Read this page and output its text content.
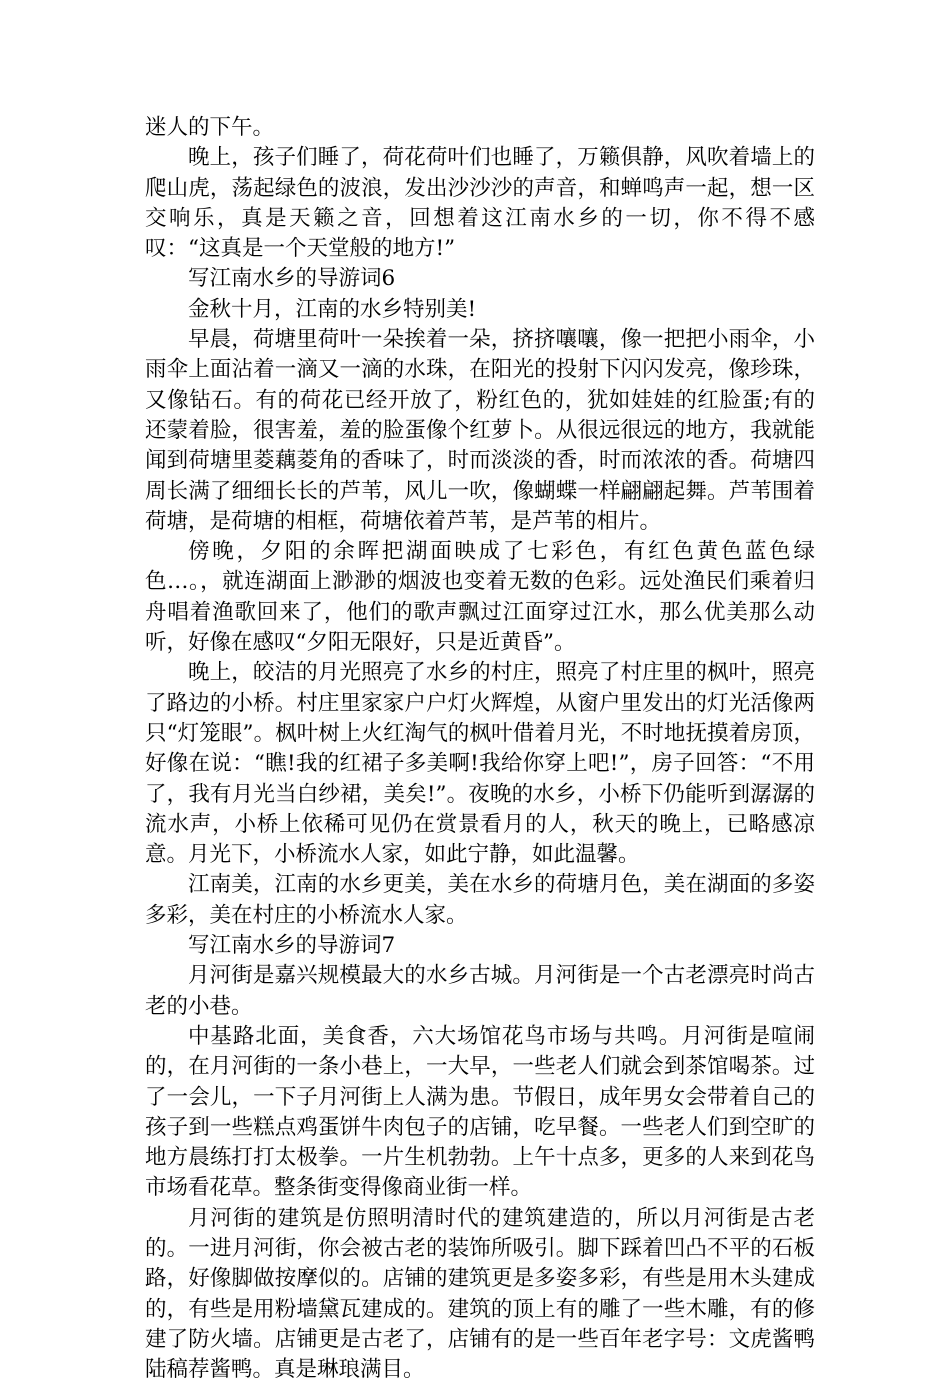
迷人的下午。

晚上，孩子们睡了，荷花荷叶们也睡了，万籁俱静，风吹着墙上的爬山虎，荡起绿色的波浪，发出沙沙沙的声音，和蝉鸣声一起，想一区交响乐，真是天籁之音，回想着这江南水乡的一切，你不得不感叹：“这真是一个天堂般的地方!”

写江南水乡的导游词6

金秋十月，江南的水乡特别美!

早晨，荷塘里荷叶一朵挨着一朵，挤挤嚷嚷，像一把把小雨伞，小雨伞上面沾着一滴又一滴的水珠，在阳光的投射下闪闪发亮，像珍珠，又像钻石。有的荷花已经开放了，粉红色的，犹如娃娃的红脸蛋;有的还蒙着脸，很害羞，羞的脸蛋像个红萝卜。从很远很远的地方，我就能闻到荷塘里菱藕菱角的香味了，时而淡淡的香，时而浓浓的香。荷塘四周长满了细细长长的芦苇，风儿一吹，像蝴蝶一样翩翩起舞。芦苇围着荷塘，是荷塘的相框，荷塘依着芦苇，是芦苇的相片。

傍晚，夕阳的余晖把湖面映成了七彩色，有红色黄色蓝色绿色…。，就连湖面上渺渺的烟波也变着无数的色彩。远处渔民们乘着归舟唱着渔歌回来了，他们的歌声飘过江面穿过江水，那么优美那么动听，好像在感叹“夕阳无限好，只是近黄昏”。

晚上，皎洁的月光照亮了水乡的村庄，照亮了村庄里的枫叶，照亮了路边的小桥。村庄里家家户户灯火辉煌，从窗户里发出的灯光活像两只“灯笼眼”。枫叶树上火红淘气的枫叶借着月光，不时地抚摸着房顶，好像在说：“瞧!我的红裙子多美啊!我给你穿上吧!”，房子回答：“不用了，我有月光当白纱裙，美矣!”。夜晚的水乡，小桥下仍能听到潺潺的流水声，小桥上依稀可见仍在赏景看月的人，秋天的晚上，已略感凉意。月光下，小桥流水人家，如此宁静，如此温馨。

江南美，江南的水乡更美，美在水乡的荷塘月色，美在湖面的多姿多彩，美在村庄的小桥流水人家。

写江南水乡的导游词7

月河街是嘉兴规模最大的水乡古城。月河街是一个古老漂亮时尚古老的小巷。

中基路北面，美食香，六大场馆花鸟市场与共鸣。月河街是喧闹的，在月河街的一条小巷上，一大早，一些老人们就会到茶馆喝茶。过了一会儿，一下子月河街上人满为患。节假日，成年男女会带着自己的孩子到一些糕点鸡蛋饼牛肉包子的店铺，吃早餐。一些老人们到空旷的地方晨练打打太极拳。一片生机勃勃。上午十点多，更多的人来到花鸟市场看花草。整条街变得像商业街一样。

月河街的建筑是仿照明清时代的建筑建造的，所以月河街是古老的。一进月河街，你会被古老的装饰所吸引。脚下踩着凹凸不平的石板路，好像脚做按摩似的。店铺的建筑更是多姿多彩，有些是用木头建成的，有些是用粉墙黛瓦建成的。建筑的顶上有的雕了一些木雕，有的修建了防火墙。店铺更是古老了，店铺有的是一些百年老字号：文虎酱鸭陆稿荐酱鸭。真是琳琅满目。
